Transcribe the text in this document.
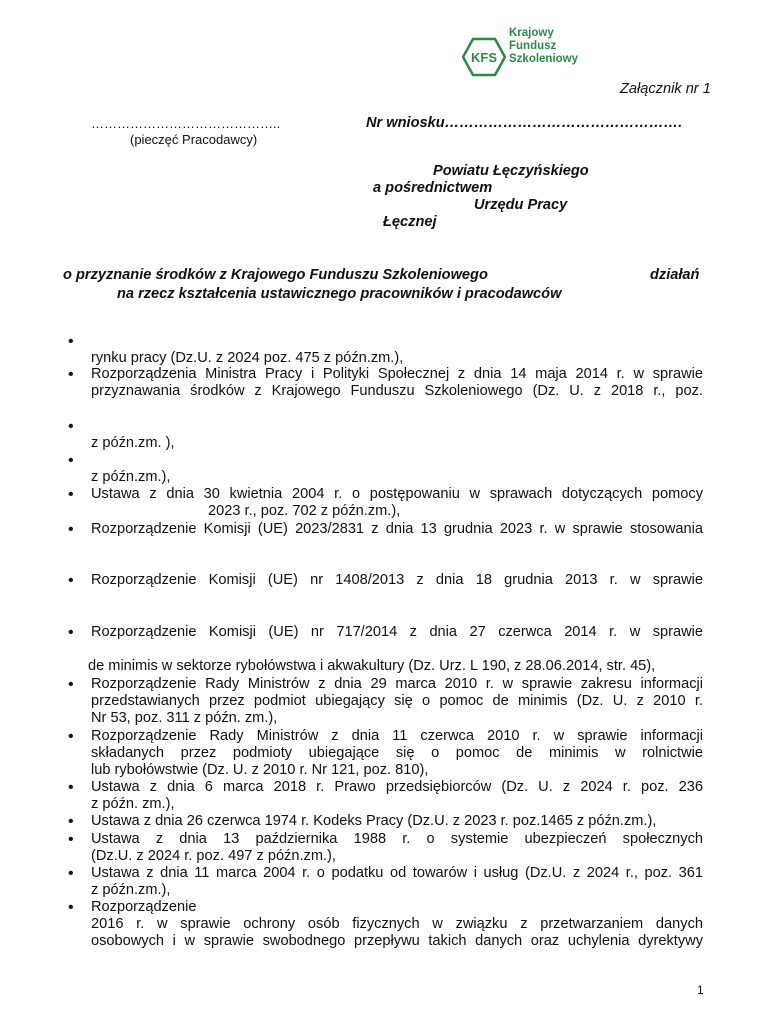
KFS
Krajowy
Fundusz
Szkoleniowy
Załącznik nr 1
……………………………………..
(pieczęć Pracodawcy)
Nr wniosku………………………………………….
Powiatu Łęczyńskiego
a pośrednictwem
Urzędu Pracy
Łęcznej
o przyznanie środków z Krajowego Funduszu Szkoleniowego	działań
na rzecz kształcenia ustawicznego pracowników i pracodawców
•
rynku pracy (Dz.U. z 2024 poz. 475 z późn.zm.),
• Rozporządzenia Ministra Pracy i Polityki Społecznej z dnia 14 maja 2014 r. w sprawie
przyznawania środków z Krajowego Funduszu Szkoleniowego (Dz. U. z 2018 r., poz.
•
z późn.zm. ),
•
z późn.zm.),
• Ustawa z dnia 30 kwietnia 2004 r. o postępowaniu w sprawach dotyczących pomocy
2023 r., poz. 702 z późn.zm.),
• Rozporządzenie Komisji (UE) 2023/2831 z dnia 13 grudnia 2023 r. w sprawie stosowania
• Rozporządzenie Komisji (UE) nr 1408/2013 z dnia 18 grudnia 2013 r. w sprawie
• Rozporządzenie Komisji (UE) nr 717/2014 z dnia 27 czerwca 2014 r. w sprawie
de minimis w sektorze rybołówstwa i akwakultury (Dz. Urz. L 190, z 28.06.2014, str. 45),
• Rozporządzenie Rady Ministrów z dnia 29 marca 2010 r. w sprawie zakresu informacji
przedstawianych przez podmiot ubiegający się o pomoc de minimis (Dz. U. z 2010 r.
Nr 53, poz. 311 z późn. zm.),
• Rozporządzenie Rady Ministrów z dnia 11 czerwca 2010 r. w sprawie informacji
składanych przez podmioty ubiegające się o pomoc de minimis w rolnictwie
lub rybołówstwie (Dz. U. z 2010 r. Nr 121, poz. 810),
• Ustawa z dnia 6 marca 2018 r. Prawo przedsiębiorców (Dz. U. z 2024 r. poz. 236
z późn. zm.),
• Ustawa z dnia 26 czerwca 1974 r. Kodeks Pracy (Dz.U. z 2023 r. poz.1465 z późn.zm.),
• Ustawa z dnia 13 października 1988 r. o systemie ubezpieczeń społecznych
(Dz.U. z 2024 r. poz. 497 z późn.zm.),
• Ustawa z dnia 11 marca 2004 r. o podatku od towarów i usług (Dz.U. z 2024 r., poz. 361
z późn.zm.),
• Rozporządzenie
2016 r. w sprawie ochrony osób fizycznych w związku z przetwarzaniem danych
osobowych i w sprawie swobodnego przepływu takich danych oraz uchylenia dyrektywy
1
